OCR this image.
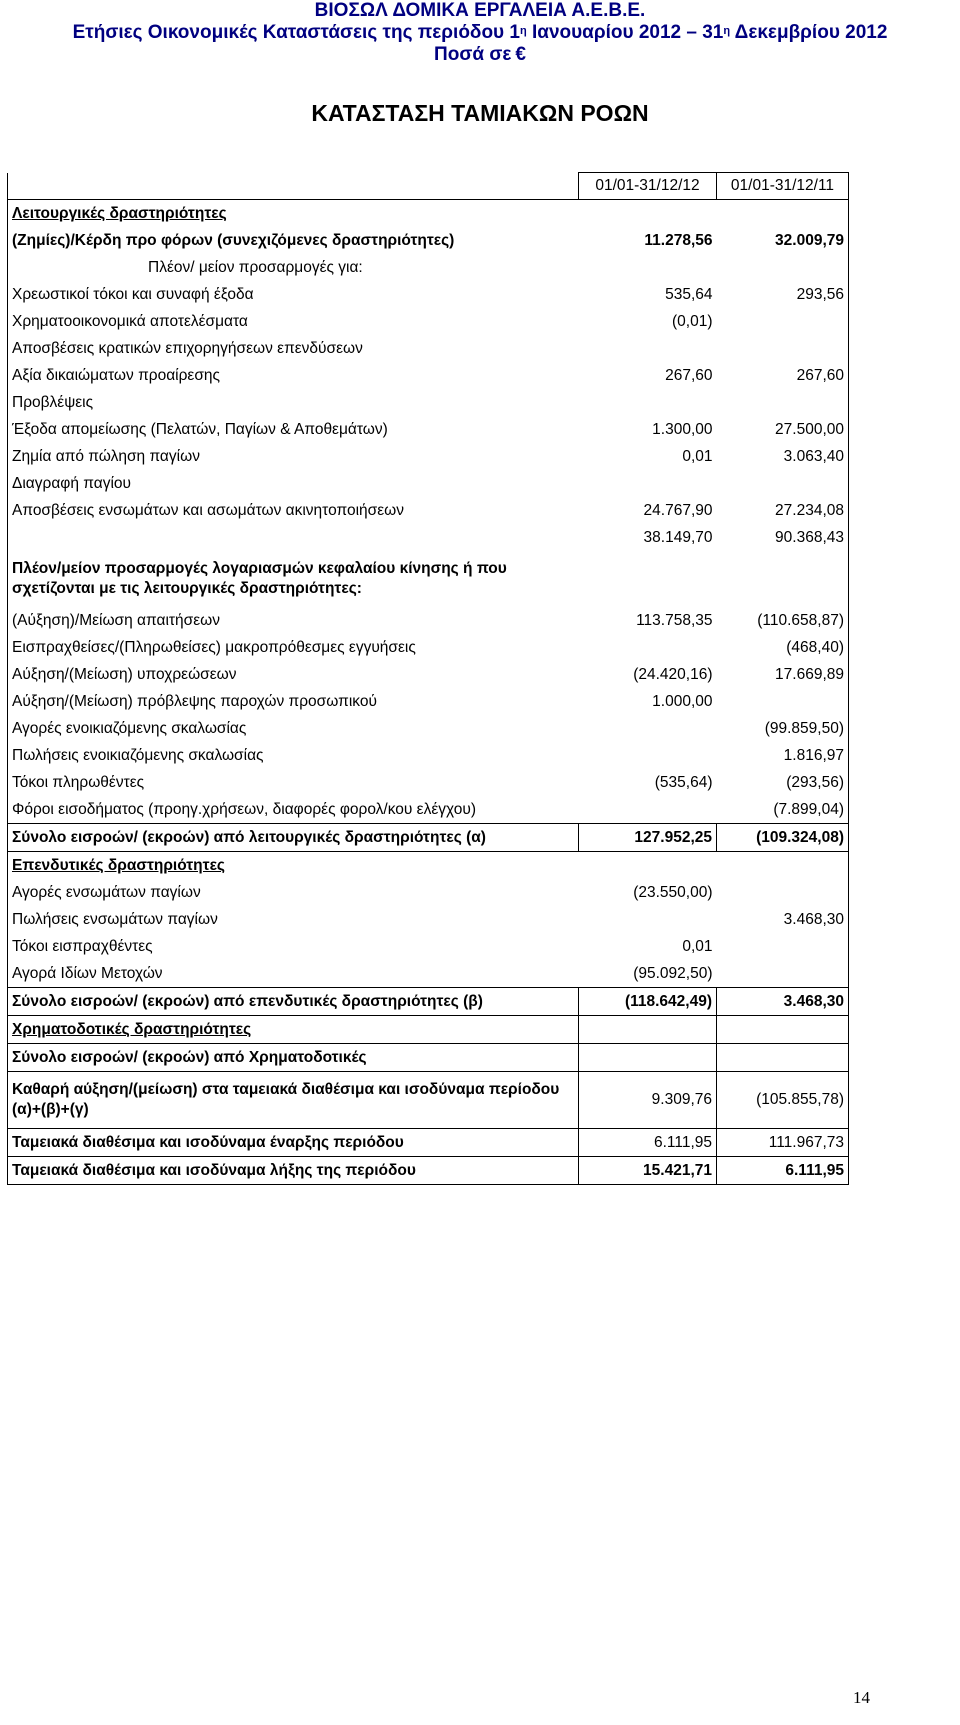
ΒΙΟΣΩΛ ΔΟΜΙΚΑ ΕΡΓΑΛΕΙΑ Α.Ε.Β.Ε.
Ετήσιες Οικονομικές Καταστάσεις της περιόδου $1^\eta$ Ιανουαρίου $2012 - 31^\eta$ Δεκεμβρίου 2012
Ποσά σε €
ΚΑΤΑΣΤΑΣΗ ΤΑΜΙΑΚΩΝ ΡΟΩΝ
	01/01-31/12/12	01/01-31/12/11
Λειτουργικές δραστηριότητες		
(Ζημίες)/Κέρδη προ φόρων (συνεχιζόμενες δραστηριότητες)	11.278,56	32.009,79
Πλέον/ μείον προσαρμογές για:		
Χρεωστικοί τόκοι και συναφή έξοδα	535,64	293,56
Χρηματοοικονομικά αποτελέσματα	(0,01)	
Αποσβέσεις κρατικών επιχορηγήσεων επενδύσεων		
Αξία δικαιώματων προαίρεσης	267,60	267,60
Προβλέψεις		
Έξοδα απομείωσης (Πελατών, Παγίων & Αποθεμάτων)	1.300,00	27.500,00
Ζημία από πώληση παγίων	0,01	3.063,40
Διαγραφή παγίου		
Αποσβέσεις ενσωμάτων και ασωμάτων ακινητοποιήσεων	24.767,90	27.234,08
	38.149,70	90.368,43
Πλέον/μείον προσαρμογές λογαριασμών κεφαλαίου κίνησης ή που σχετίζονται με τις λειτουργικές δραστηριότητες:		
(Αύξηση)/Μείωση απαιτήσεων	113.758,35	(110.658,87)
Εισπραχθείσες/(Πληρωθείσες) μακροπρόθεσμες εγγυήσεις		(468,40)
Αύξηση/(Μείωση) υποχρεώσεων	(24.420,16)	17.669,89
Αύξηση/(Μείωση) πρόβλεψης παροχών προσωπικού	1.000,00	
Αγορές ενοικιαζόμενης σκαλωσίας		(99.859,50)
Πωλήσεις ενοικιαζόμενης σκαλωσίας		1.816,97
Τόκοι πληρωθέντες	(535,64)	(293,56)
Φόροι εισοδήματος (προηγ.χρήσεων, διαφορές φορολ/κου ελέγχου)		(7.899,04)
Σύνολο εισροών/ (εκροών) από λειτουργικές δραστηριότητες (α)	127.952,25	(109.324,08)
Επενδυτικές δραστηριότητες		
Αγορές ενσωμάτων παγίων	(23.550,00)	
Πωλήσεις ενσωμάτων παγίων		3.468,30
Τόκοι εισπραχθέντες	0,01	
Αγορά Ιδίων Μετοχών	(95.092,50)	
Σύνολο εισροών/ (εκροών) από επενδυτικές δραστηριότητες (β)	(118.642,49)	3.468,30
Χρηματοδοτικές δραστηριότητες		
Σύνολο εισροών/ (εκροών) από Χρηματοδοτικές		
Καθαρή αύξηση/(μείωση) στα ταμειακά διαθέσιμα και ισοδύναμα περίοδου (α)+(β)+(γ)	9.309,76	(105.855,78)
Ταμειακά διαθέσιμα και ισοδύναμα έναρξης περιόδου	6.111,95	111.967,73
Ταμειακά διαθέσιμα και ισοδύναμα λήξης της περιόδου	15.421,71	6.111,95
14
